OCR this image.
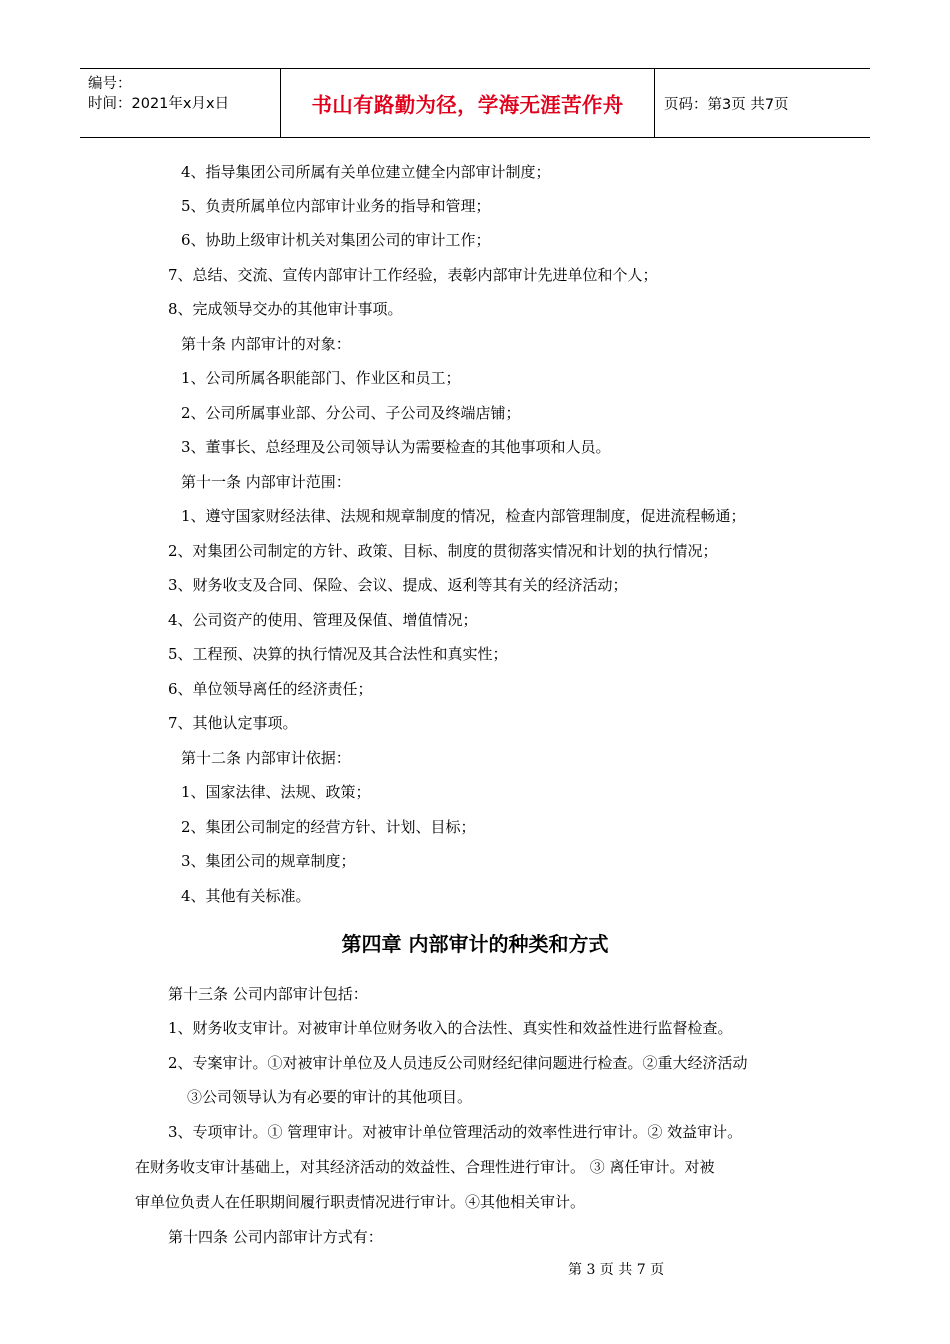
编号：
时间：2021年x月x日	书山有路勤为径，学海无涯苦作舟	页码：第3页 共7页
4、指导集团公司所属有关单位建立健全内部审计制度；
5、负责所属单位内部审计业务的指导和管理；
6、协助上级审计机关对集团公司的审计工作；
7、总结、交流、宣传内部审计工作经验，表彰内部审计先进单位和个人；
8、完成领导交办的其他审计事项。
第十条 内部审计的对象：
1、公司所属各职能部门、作业区和员工；
2、公司所属事业部、分公司、子公司及终端店铺；
3、董事长、总经理及公司领导认为需要检查的其他事项和人员。
第十一条 内部审计范围：
1、遵守国家财经法律、法规和规章制度的情况，检查内部管理制度，促进流程畅通；
2、对集团公司制定的方针、政策、目标、制度的贯彻落实情况和计划的执行情况；
3、财务收支及合同、保险、会议、提成、返利等其有关的经济活动；
4、公司资产的使用、管理及保值、增值情况；
5、工程预、决算的执行情况及其合法性和真实性；
6、单位领导离任的经济责任；
7、其他认定事项。
第十二条 内部审计依据：
1、国家法律、法规、政策；
2、集团公司制定的经营方针、计划、目标；
3、集团公司的规章制度；
4、其他有关标准。
第四章 内部审计的种类和方式
第十三条 公司内部审计包括：
1、财务收支审计。对被审计单位财务收入的合法性、真实性和效益性进行监督检查。
2、专案审计。①对被审计单位及人员违反公司财经纪律问题进行检查。②重大经济活动
③公司领导认为有必要的审计的其他项目。
3、专项审计。① 管理审计。对被审计单位管理活动的效率性进行审计。② 效益审计。
在财务收支审计基础上，对其经济活动的效益性、合理性进行审计。 ③ 离任审计。对被
审单位负责人在任职期间履行职责情况进行审计。④其他相关审计。
第十四条 公司内部审计方式有：
第 3 页 共 7 页
